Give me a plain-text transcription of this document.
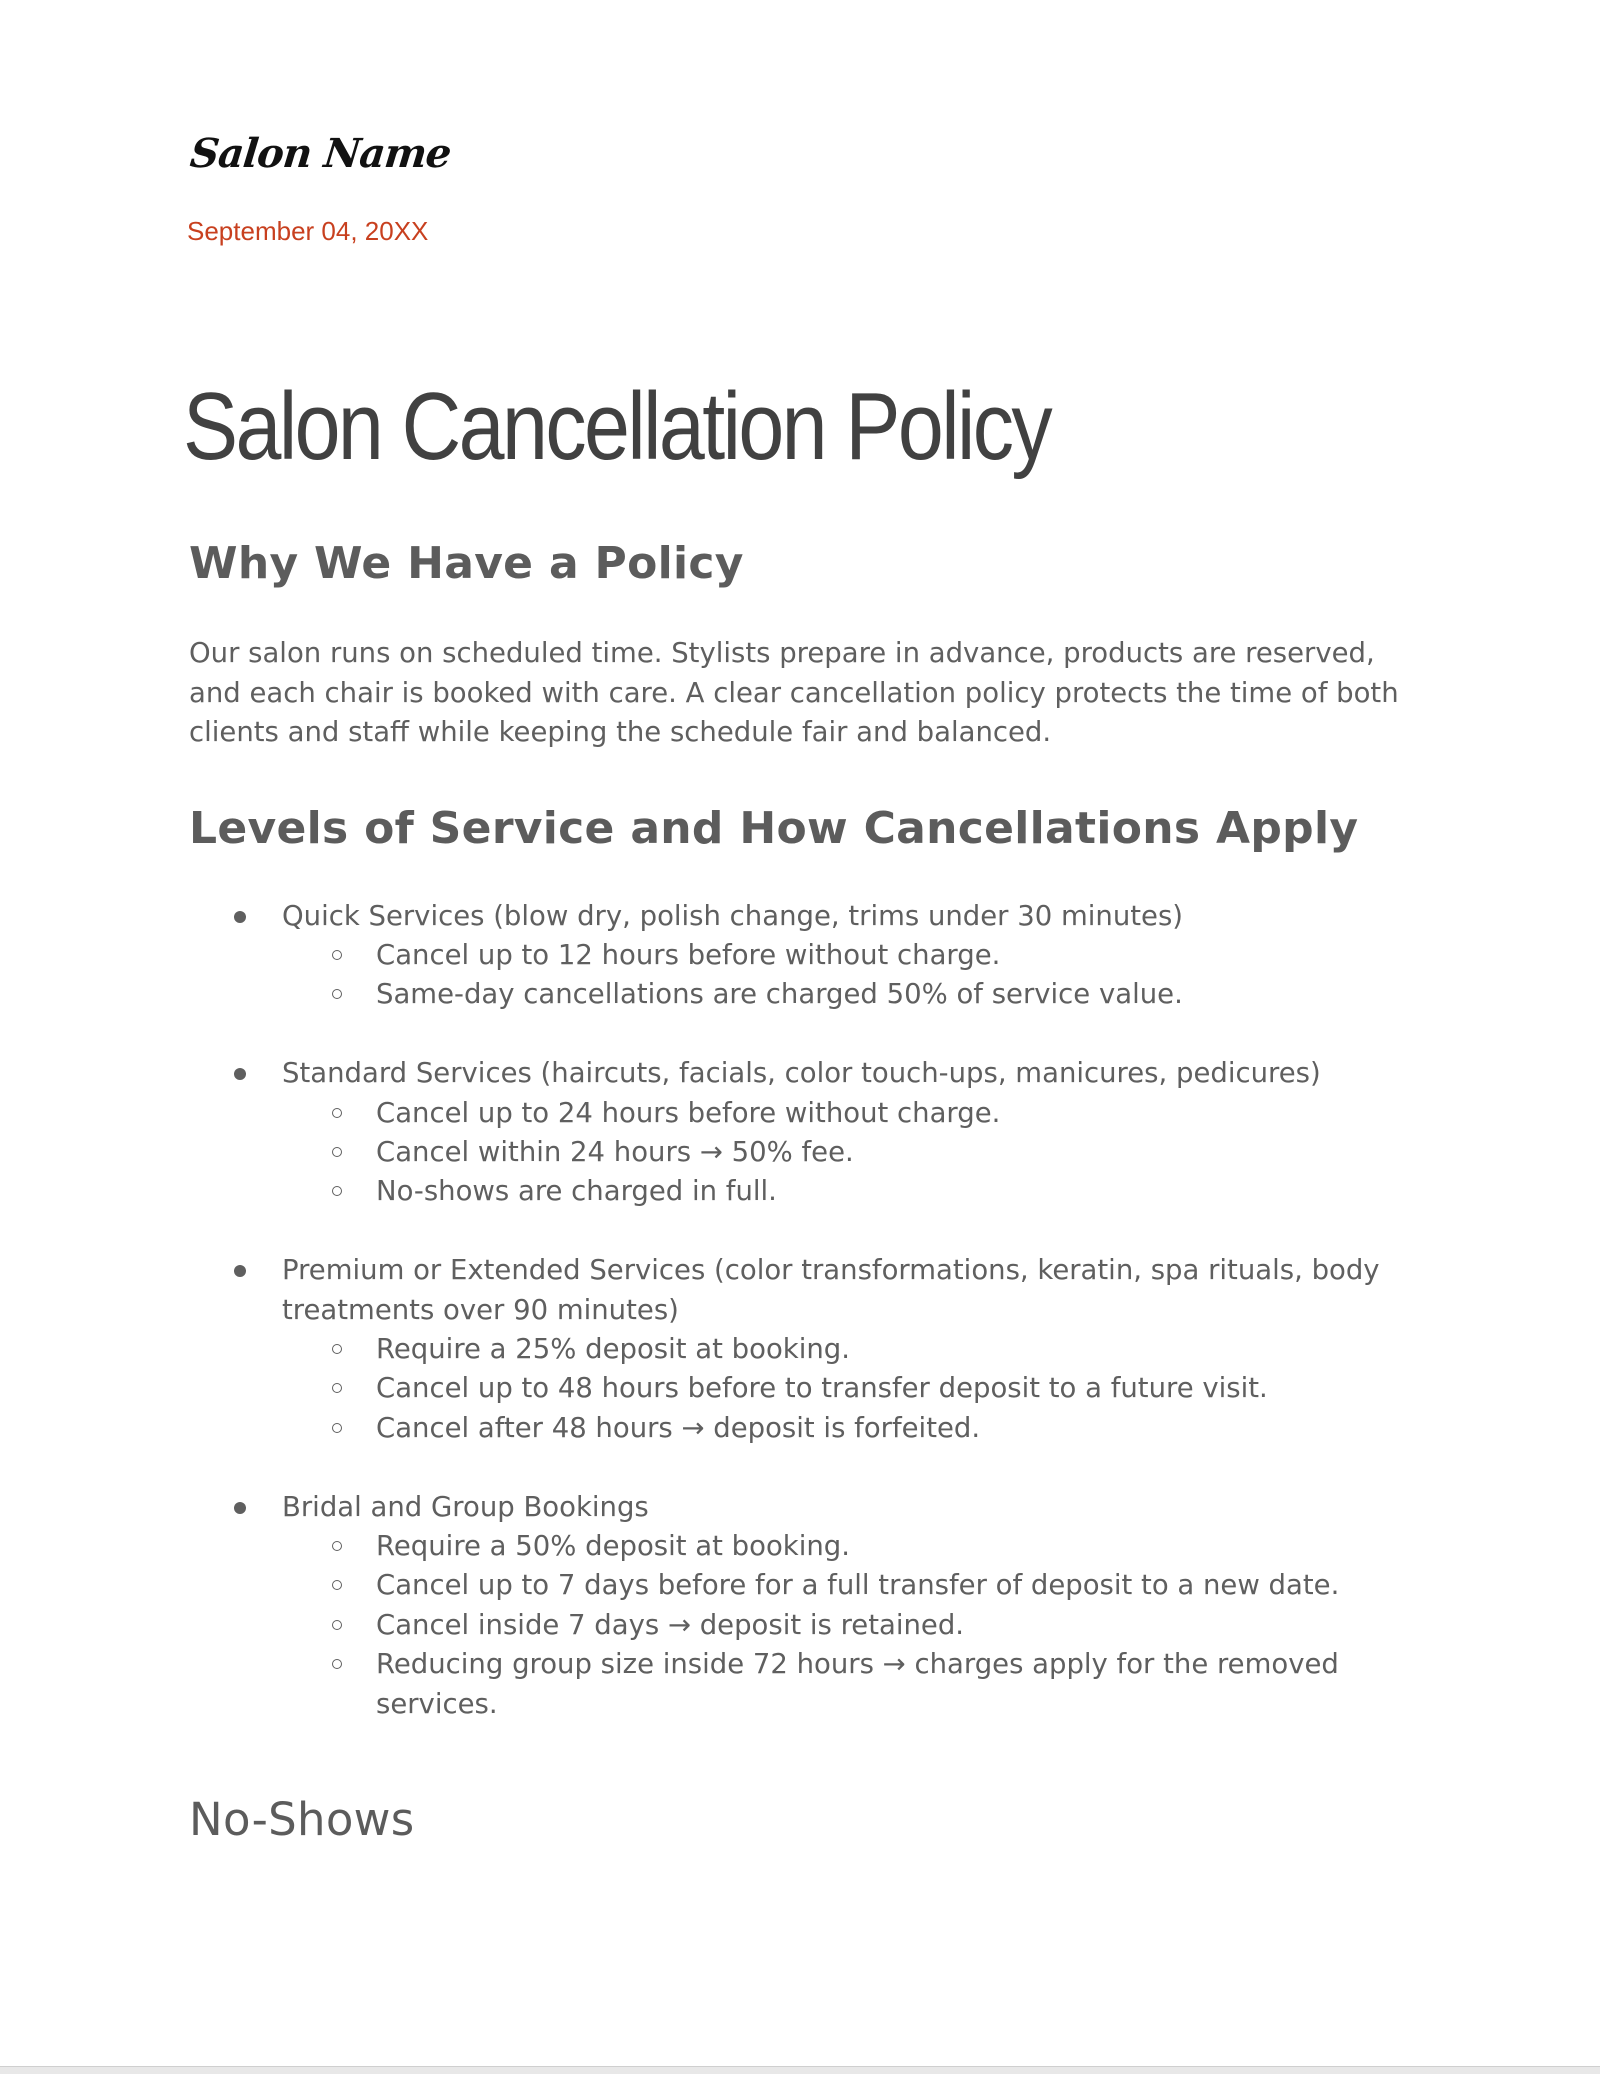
Salon Name
September 04, 20XX
Salon Cancellation Policy
Why We Have a Policy

Our salon runs on scheduled time. Stylists prepare in advance, products are reserved, and each chair is booked with care. A clear cancellation policy protects the time of both clients and staff while keeping the schedule fair and balanced.

Levels of Service and How Cancellations Apply
Quick Services (blow dry, polish change, trims under 30 minutes)
Cancel up to 12 hours before without charge.
Same-day cancellations are charged 50% of service value.
Standard Services (haircuts, facials, color touch-ups, manicures, pedicures)
Cancel up to 24 hours before without charge.
Cancel within 24 hours → 50% fee.
No-shows are charged in full.
Premium or Extended Services (color transformations, keratin, spa rituals, body treatments over 90 minutes)
Require a 25% deposit at booking.
Cancel up to 48 hours before to transfer deposit to a future visit.
Cancel after 48 hours → deposit is forfeited.
Bridal and Group Bookings
Require a 50% deposit at booking.
Cancel up to 7 days before for a full transfer of deposit to a new date.
Cancel inside 7 days → deposit is retained.
Reducing group size inside 72 hours → charges apply for the removed services.
No-Shows
